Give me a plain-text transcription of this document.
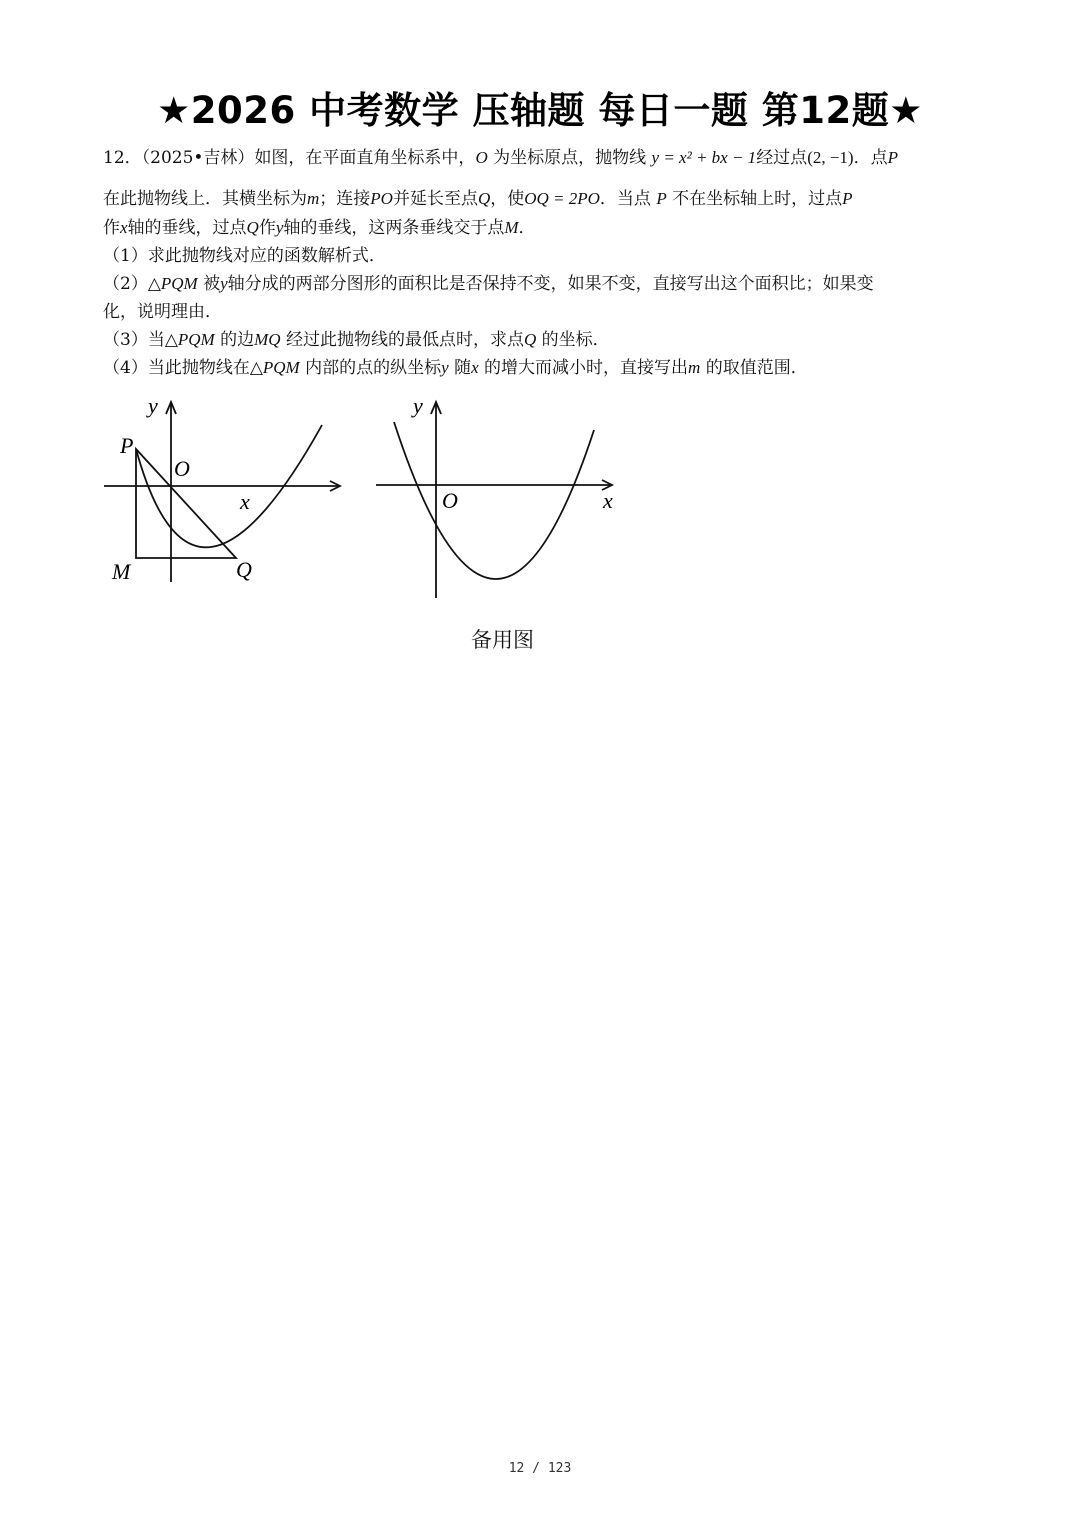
★2026 中考数学 压轴题 每日一题 第12题★
12．（2025•吉林）如图，在平面直角坐标系中，O 为坐标原点，抛物线 y = x² + bx − 1经过点(2, −1)．点P
在此抛物线上．其横坐标为m；连接PO并延长至点Q，使OQ = 2PO．当点 P 不在坐标轴上时，过点P
作x轴的垂线，过点Q作y轴的垂线，这两条垂线交于点M．
（1）求此抛物线对应的函数解析式．
（2）△PQM 被y轴分成的两部分图形的面积比是否保持不变，如果不变，直接写出这个面积比；如果变
化，说明理由．
（3）当△PQM 的边MQ 经过此抛物线的最低点时，求点Q 的坐标．
（4）当此抛物线在△PQM 内部的点的纵坐标y 随x 的增大而减小时，直接写出m 的取值范围．
x
y
P
O
M	Q
x
y
O
备用图
12 / 123
